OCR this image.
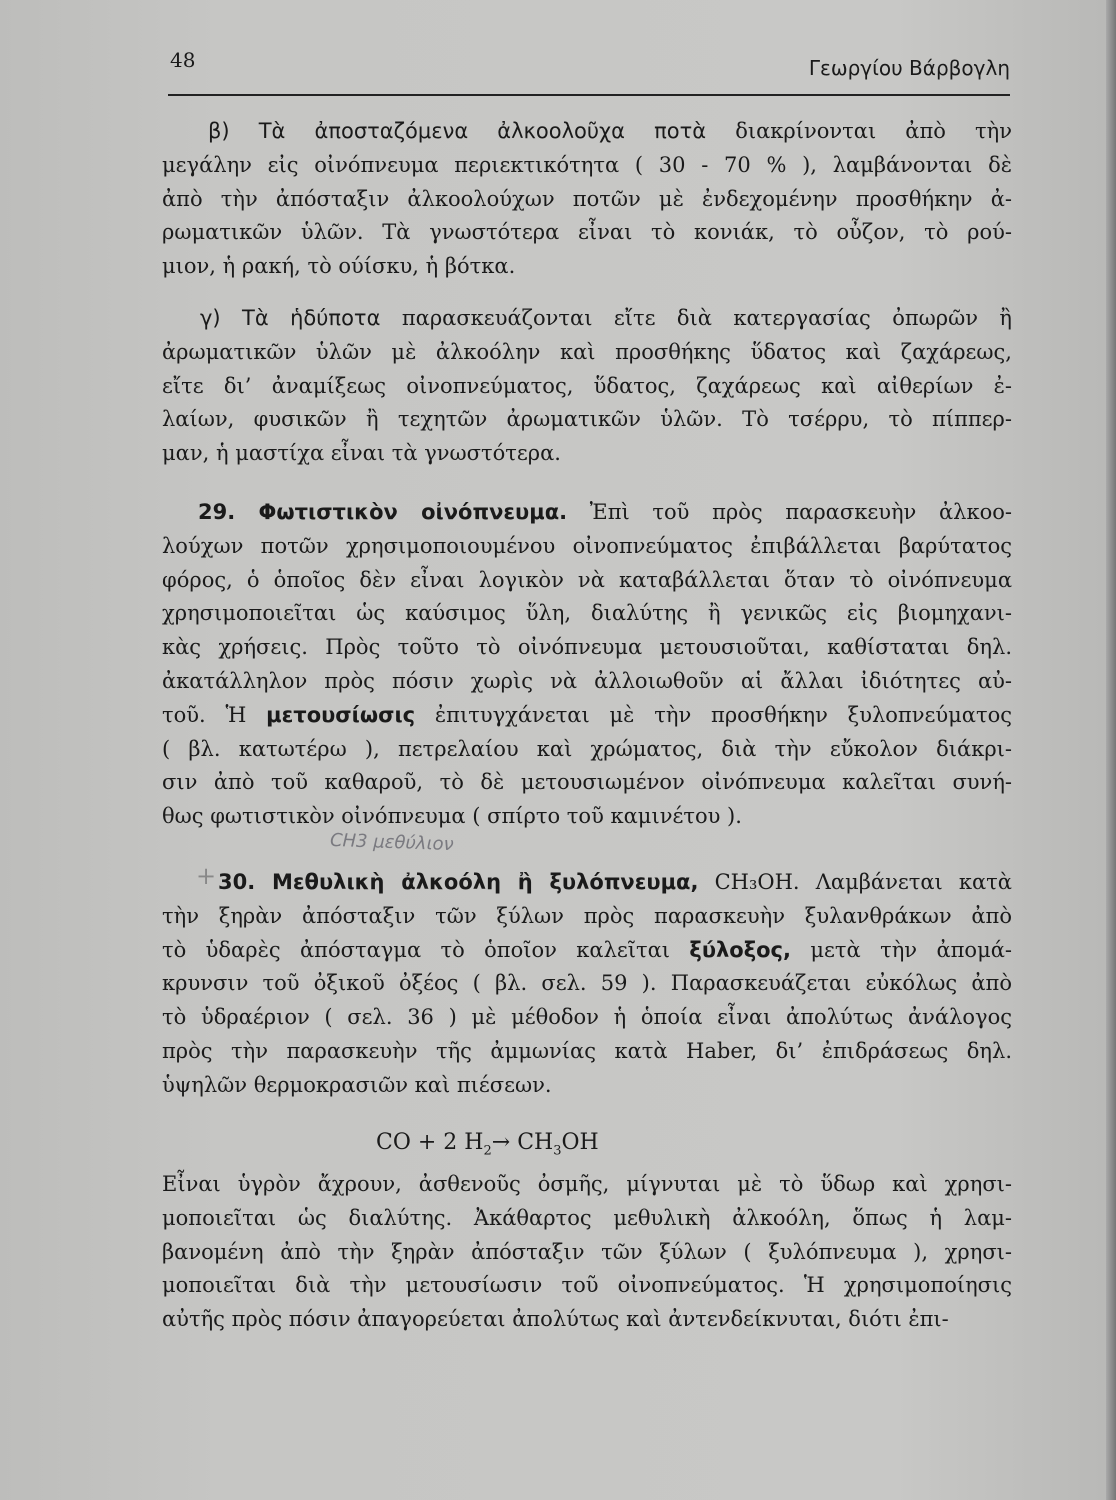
48	Γεωργίου Βάρβογλη
β) Τὰ ἀποσταζόμενα ἀλκοολοῦχα ποτὰ διακρίνονται ἀπὸ τὴν
μεγάλην εἰς οἰνόπνευμα περιεκτικότητα ( 30 - 70 % ), λαμβάνονται δὲ
ἀπὸ τὴν ἀπόσταξιν ἀλκοολούχων ποτῶν μὲ ἐνδεχομένην προσθήκην ἀ-
ρωματικῶν ὑλῶν. Τὰ γνωστότερα εἶναι τὸ κονιάκ, τὸ οὖζον, τὸ ρού-
μιον, ἡ ρακή, τὸ ούίσκυ, ἡ βότκα.
γ) Τὰ ἡδύποτα παρασκευάζονται εἴτε διὰ κατεργασίας ὀπωρῶν ἢ
ἀρωματικῶν ὑλῶν μὲ ἀλκοόλην καὶ προσθήκης ὕδατος καὶ ζαχάρεως,
εἴτε δι’ ἀναμίξεως οἰνοπνεύματος, ὕδατος, ζαχάρεως καὶ αἰθερίων ἐ-
λαίων, φυσικῶν ἢ τεχητῶν ἀρωματικῶν ὑλῶν. Τὸ τσέρρυ, τὸ πίππερ-
μαν, ἡ μαστίχα εἶναι τὰ γνωστότερα.
29. Φωτιστικὸν οἰνόπνευμα. Ἐπὶ τοῦ πρὸς παρασκευὴν ἀλκοο-
λούχων ποτῶν χρησιμοποιουμένου οἰνοπνεύματος ἐπιβάλλεται βαρύτατος
φόρος, ὁ ὁποῖος δὲν εἶναι λογικὸν νὰ καταβάλλεται ὅταν τὸ οἰνόπνευμα
χρησιμοποιεῖται ὡς καύσιμος ὕλη, διαλύτης ἢ γενικῶς εἰς βιομηχανι-
κὰς χρήσεις. Πρὸς τοῦτο τὸ οἰνόπνευμα μετουσιοῦται, καθίσταται δηλ.
ἀκατάλληλον πρὸς πόσιν χωρὶς νὰ ἀλλοιωθοῦν αἱ ἄλλαι ἰδιότητες αὐ-
τοῦ. Ἡ μετουσίωσις ἐπιτυγχάνεται μὲ τὴν προσθήκην ξυλοπνεύματος
( βλ. κατωτέρω ), πετρελαίου καὶ χρώματος, διὰ τὴν εὔκολον διάκρι-
σιν ἀπὸ τοῦ καθαροῦ, τὸ δὲ μετουσιωμένον οἰνόπνευμα καλεῖται συνή-
θως φωτιστικὸν οἰνόπνευμα ( σπίρτο τοῦ καμινέτου ).
CH3 μεθύλιον
+ 30. Μεθυλικὴ ἀλκοόλη ἢ ξυλόπνευμα, CH₃OH. Λαμβάνεται κατὰ
τὴν ξηρὰν ἀπόσταξιν τῶν ξύλων πρὸς παρασκευὴν ξυλανθράκων ἀπὸ
τὸ ὑδαρὲς ἀπόσταγμα τὸ ὁποῖον καλεῖται ξύλοξος, μετὰ τὴν ἀπομά-
κρυνσιν τοῦ ὀξικοῦ ὀξέος ( βλ. σελ. 59 ). Παρασκευάζεται εὐκόλως ἀπὸ
τὸ ὑδραέριον ( σελ. 36 ) μὲ μέθοδον ἡ ὁποία εἶναι ἀπολύτως ἀνάλογος
πρὸς τὴν παρασκευὴν τῆς ἀμμωνίας κατὰ Haber, δι’ ἐπιδράσεως δηλ.
ὑψηλῶν θερμοκρασιῶν καὶ πιέσεων.
CO + 2 $H_2\to CH_3OH$
Εἶναι ὑγρὸν ἄχρουν, ἀσθενοῦς ὀσμῆς, μίγνυται μὲ τὸ ὕδωρ καὶ χρησι-
μοποιεῖται ὡς διαλύτης. Ἀκάθαρτος μεθυλικὴ ἀλκοόλη, ὅπως ἡ λαμ-
βανομένη ἀπὸ τὴν ξηρὰν ἀπόσταξιν τῶν ξύλων ( ξυλόπνευμα ), χρησι-
μοποιεῖται διὰ τὴν μετουσίωσιν τοῦ οἰνοπνεύματος. Ἡ χρησιμοποίησις
αὐτῆς πρὸς πόσιν ἀπαγορεύεται ἀπολύτως καὶ ἀντενδείκνυται, διότι ἐπι-
